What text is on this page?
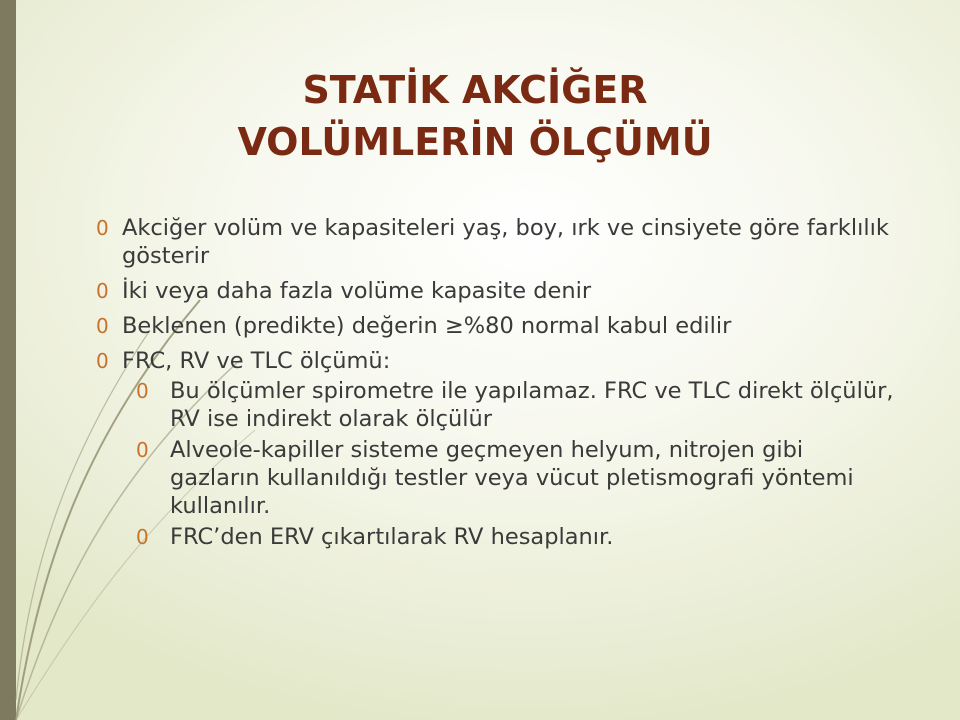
STATİK AKCİĞER
VOLÜMLERİN ÖLÇÜMÜ
0 Akciğer volüm ve kapasiteleri yaş, boy, ırk ve cinsiyete göre farklılık gösterir
0 İki veya daha fazla volüme kapasite denir
0 Beklenen (predikte) değerin ≥%80 normal kabul edilir
0 FRC, RV ve TLC ölçümü:
0 Bu ölçümler spirometre ile yapılamaz. FRC ve TLC direkt ölçülür, RV ise indirekt olarak ölçülür
0 Alveole-kapiller sisteme geçmeyen helyum, nitrojen gibi gazların kullanıldığı testler veya vücut pletismografi yöntemi kullanılır.
0 FRC’den ERV çıkartılarak RV hesaplanır.
